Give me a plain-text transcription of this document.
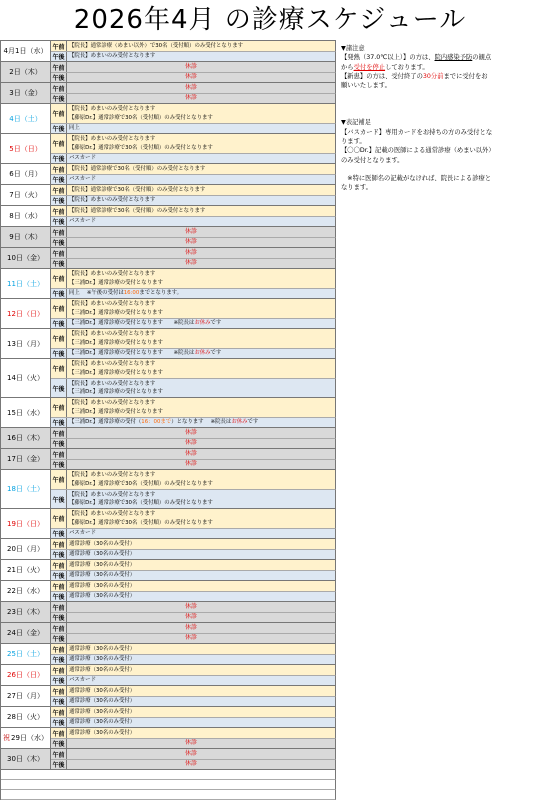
2026年4月 の診療スケジュール
4月1日（水） 午前 【院長】通常診療（めまい以外）で30名（受付順）のみ受付となります
午後 【院長】めまいのみ受付となります
2日（木） 午前	休診
午後	休診
3日（金） 午前	休診
午後	休診
4日（土） 午前
【院長】めまいのみ受付となります
【藤原Dr.】通常診療で30名（受付順）のみ受付となります
午後 同上
5日（日） 午前
【院長】めまいのみ受付となります
【藤原Dr.】通常診療で30名（受付順）のみ受付となります
午後 バスカード
6日（月） 午前 【院長】通常診療で30名（受付順）のみ受付となります
午後 バスカード
7日（火） 午前 【院長】通常診療で30名（受付順）のみ受付となります
午後 【院長】めまいのみ受付となります
8日（水） 午前 【院長】通常診療で30名（受付順）のみ受付となります
午後 バスカード
9日（木） 午前	休診
午後	休診
10日（金） 午前	休診
午後	休診
11日（土） 午前
【院長】めまいのみ受付となります
【三浦Dr.】通常診療の受付となります
午後 同上　 ※午後の受付は16:00までとなります。
12日（日） 午前
【院長】めまいのみ受付となります
【三浦Dr.】通常診療の受付となります
午後 【三浦Dr.】通常診療の受付となります　　※院長はお休みです
13日（月） 午前
【院長】めまいのみ受付となります
【三浦Dr.】通常診療の受付となります
午後 【三浦Dr.】通常診療の受付となります　　※院長はお休みです
14日（火）
午前
【院長】めまいのみ受付となります
【三浦Dr.】通常診療の受付となります
午後
【院長】めまいのみ受付となります
【三浦Dr.】通常診療の受付となります
15日（水） 午前
【院長】めまいのみ受付となります
【三浦Dr.】通常診療の受付となります
午後 【三浦Dr.】通常診療の受付（16：00まで）となります　 ※院長はお休みです
16日（木） 午前	休診
午後	休診
17日（金） 午前	休診
午後	休診
18日（土）
午前
【院長】めまいのみ受付となります
【藤原Dr.】通常診療で30名（受付順）のみ受付となります
午後
【院長】めまいのみ受付となります
【藤原Dr.】通常診療で30名（受付順）のみ受付となります
19日（日） 午前
【院長】めまいのみ受付となります
【藤原Dr.】通常診療で30名（受付順）のみ受付となります
午後 バスカード
20日（月） 午前 通常診療（30名のみ受付）
午後 通常診療（30名のみ受付）
21日（火） 午前 通常診療（30名のみ受付）
午後 通常診療（30名のみ受付）
22日（水） 午前 通常診療（30名のみ受付）
午後 通常診療（30名のみ受付）
23日（木） 午前	休診
午後	休診
24日（金） 午前	休診
午後	休診
25日（土） 午前 通常診療（30名のみ受付）
午後 通常診療（30名のみ受付）
26日（日） 午前 通常診療（30名のみ受付）
午後 バスカード
27日（月） 午前 通常診療（30名のみ受付）
午後 通常診療（30名のみ受付）
28日（火） 午前 通常診療（30名のみ受付）
午後 通常診療（30名のみ受付）
祝 29日（水） 午前 通常診療（30名のみ受付）
午後	休診
30日（木） 午前	休診
午後	休診

▼諸注意

【発熱（37.0℃以上）】の方は、院内感染予防の観点

から受付を停止しております。

【新患】の方は、受付終了の30分前までに受付をお

願いいたします。

▼表記補足

【バスカード】専用カードをお持ちの方のみ受付とな

ります。

【〇〇Dr.】記載の医師による通常診療（めまい以外）

のみ受付となります。

　※特に医師名の記載がなければ、院長による診療と

なります。
